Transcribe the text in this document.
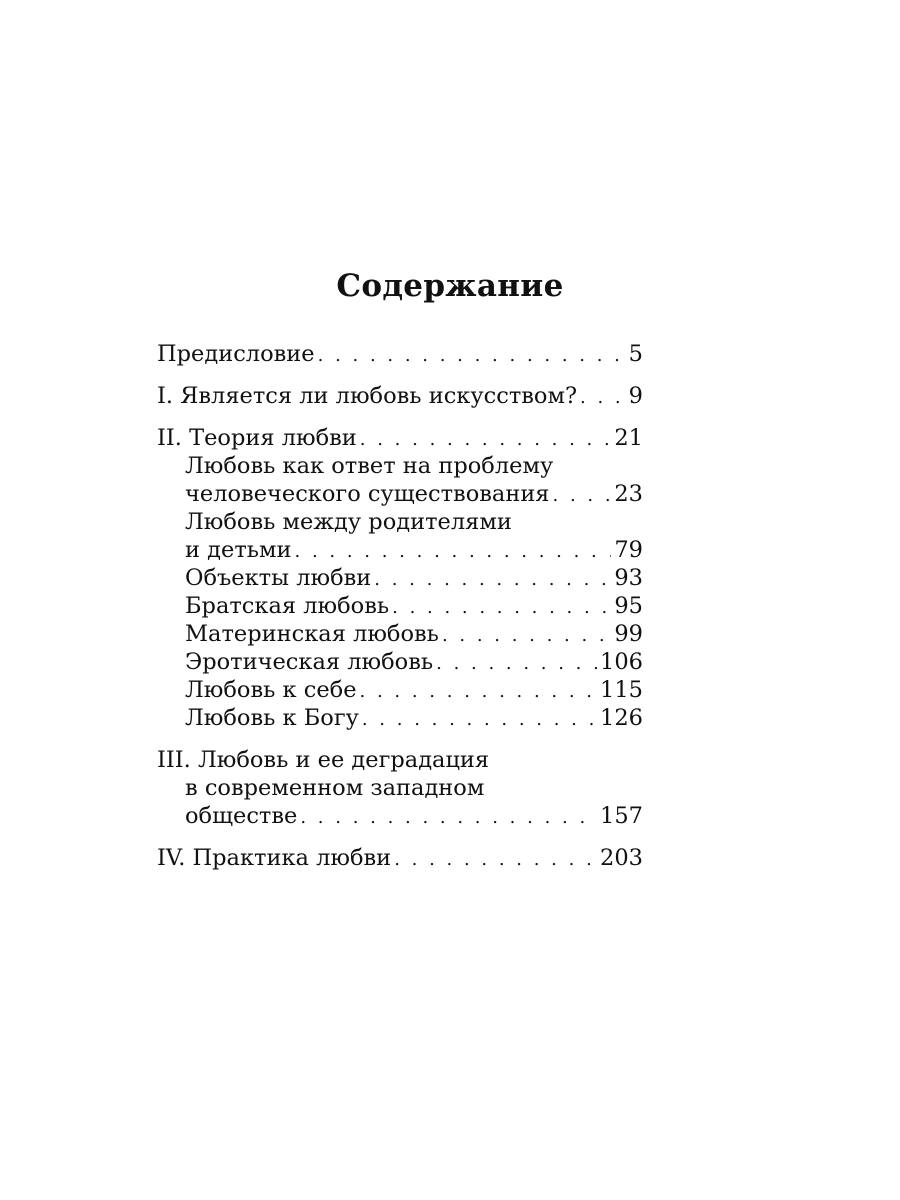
Содержание
Предисловие . . .	5
I. Является ли любовь искусством? . . . 9
II. Теория любви . . .	21
Любовь как ответ на проблему
человеческого существования . . .	23
Любовь между родителями
и детьми . . .	79
Объекты любви . . .	93
Братская любовь . . .	95
Материнская любовь . . .	99
Эротическая любовь . . .	106
Любовь к себе . . .	115
Любовь к Богу . . .	126
III. Любовь и ее деградация
в современном западном
обществе . . .	157
IV. Практика любви . . .	203
